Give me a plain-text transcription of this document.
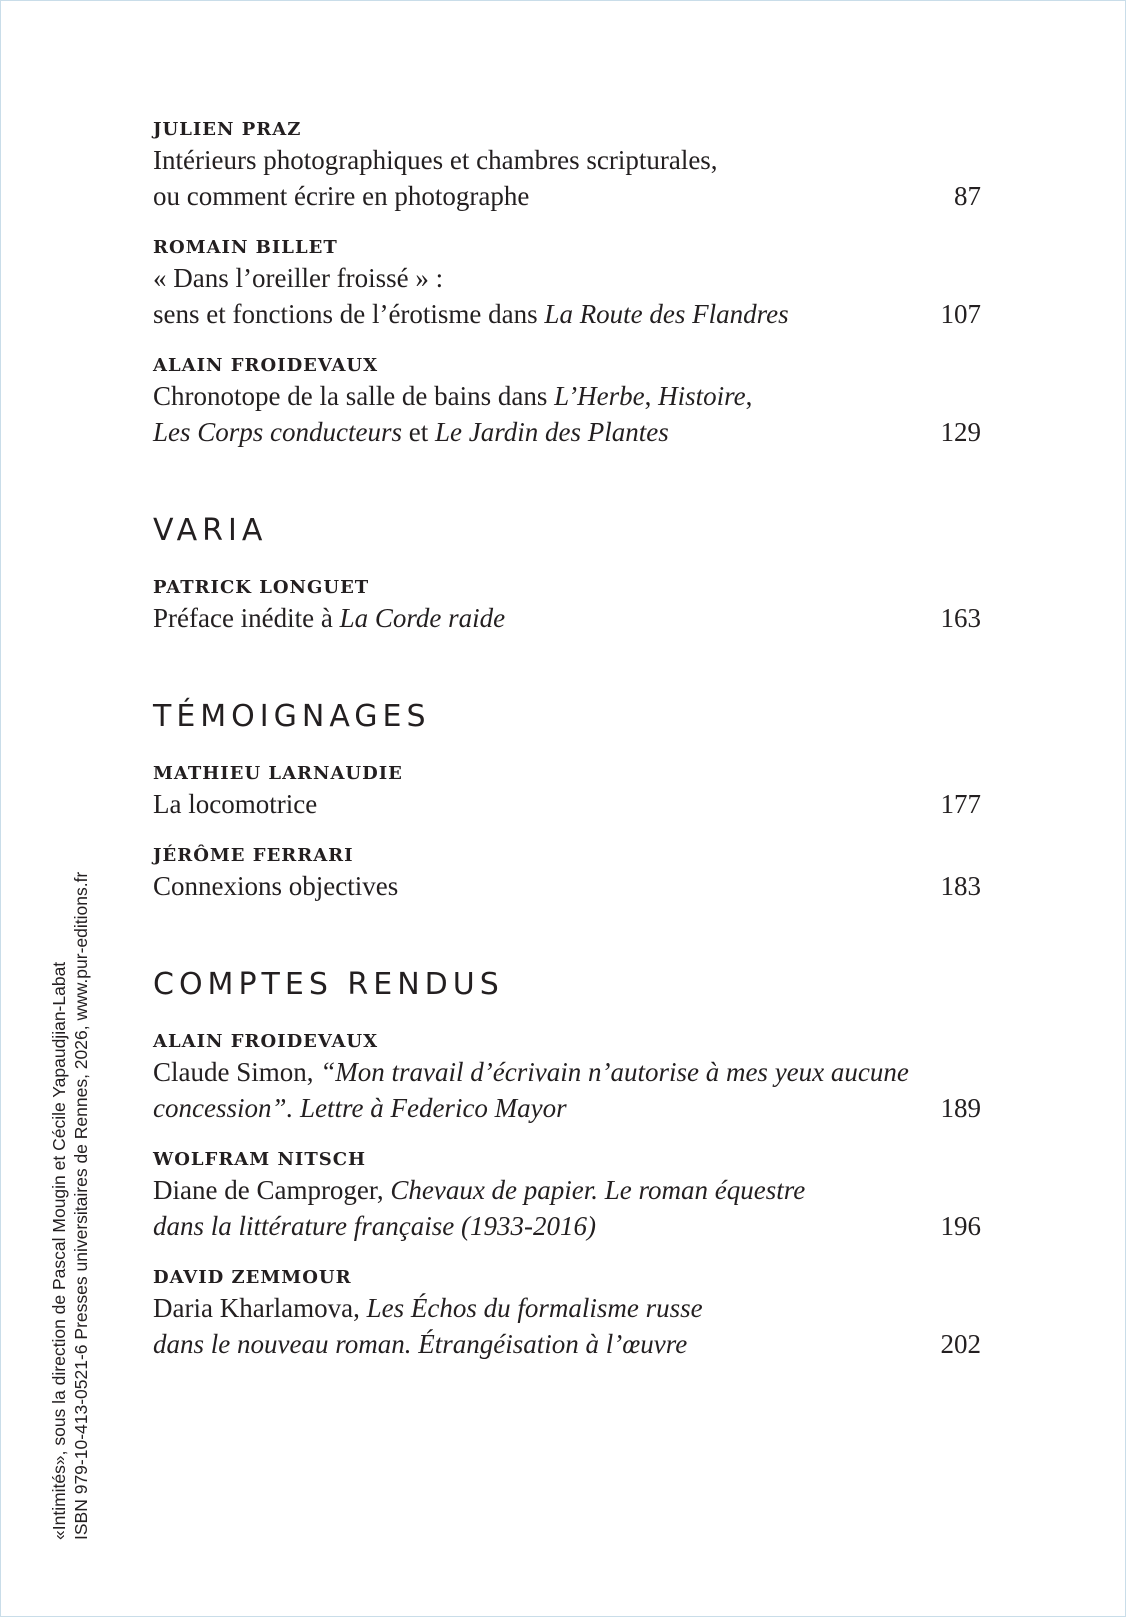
JULIEN PRAZ
Intérieurs photographiques et chambres scripturales,
ou comment écrire en photographe	87
ROMAIN BILLET
« Dans l’oreiller froissé » :
sens et fonctions de l’érotisme dans La Route des Flandres	107
ALAIN FROIDEVAUX
Chronotope de la salle de bains dans L’Herbe, Histoire,
Les Corps conducteurs et Le Jardin des Plantes	129
VARIA
PATRICK LONGUET
Préface inédite à La Corde raide	163
TÉMOIGNAGES
MATHIEU LARNAUDIE
La locomotrice	177
JÉRÔME FERRARI
Connexions objectives	183
COMPTES RENDUS
ALAIN FROIDEVAUX
Claude Simon, “Mon travail d’écrivain n’autorise à mes yeux aucune
concession”. Lettre à Federico Mayor	189
WOLFRAM NITSCH
Diane de Camproger, Chevaux de papier. Le roman équestre
dans la littérature française (1933-2016)	196
DAVID ZEMMOUR
Daria Kharlamova, Les Échos du formalisme russe
dans le nouveau roman. Étrangéisation à l’œuvre	202
«Intimités», sous la direction de Pascal Mougin et Cécile Yapaudjian-Labat ISBN 979-10-413-0521-6 Presses universitaires de Rennes, 2026, www.pur-editions.fr
